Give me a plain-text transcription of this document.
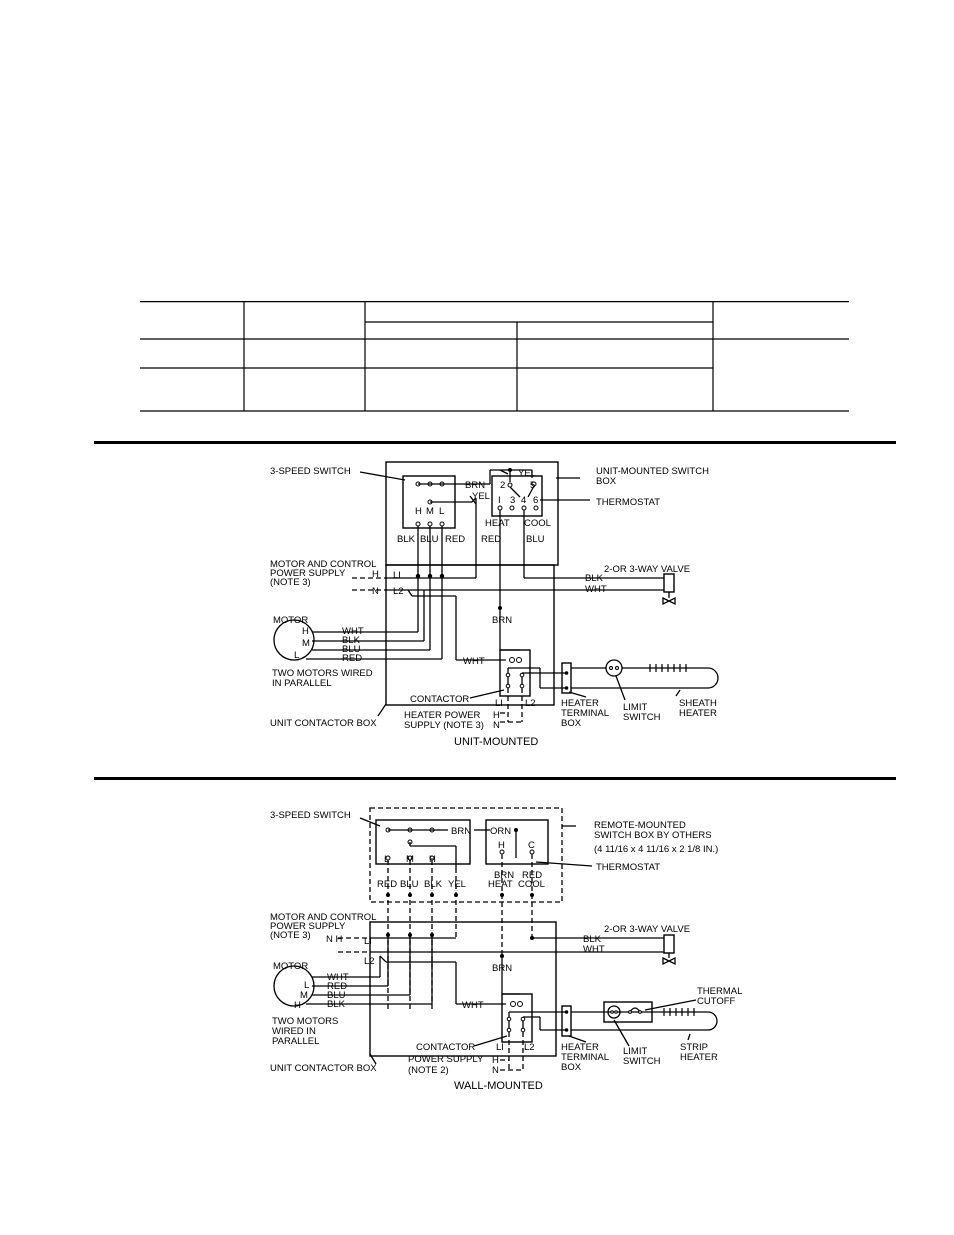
3-SPEED SWITCH	UNIT-MOUNTED SWITCH
BOX
THERMOSTAT
BRN
YEL
YEL
2	5
I 3 4 6
H M L
HEAT COOL
BLK BLU RED RED	BLU
MOTOR AND CONTROL
POWER SUPPLY
(NOTE 3)
H
N
LI
L2
2-OR 3-WAY VALVE
BLK
WHT
BRN
MOTOR
H
M
L
WHT
BLK
BLU
RED
TWO MOTORS WIRED
IN PARALLEL
WHT
CONTACTOR	LI L2
HEATER POWER
SUPPLY (NOTE 3)
H
N
UNIT CONTACTOR BOX
HEATER
TERMINAL
BOX
LIMIT
SWITCH
SHEATH
HEATER
UNIT-MOUNTED
3-SPEED SWITCH
REMOTE-MOUNTED
SWITCH BOX BY OTHERS
(4 11/16 x 4 11/16 x 2 1/8 IN.)
THERMOSTAT
BRN ORN
L M H
H C
RED BLU BLK YEL
BRN
HEAT
RED
COOL
MOTOR AND CONTROL
POWER SUPPLY
(NOTE 3) N H LI
L2
2-OR 3-WAY VALVE
BLK
WHT
BRN
MOTOR
L
M
H
WHT
RED
BLU
BLK
TWO MOTORS
WIRED IN
PARALLEL
WHT
CONTACTOR LI L2
POWER SUPPLY
(NOTE 2)
H
N
UNIT CONTACTOR BOX
HEATER
TERMINAL
BOX
THERMAL
CUTOFF
LIMIT
SWITCH
STRIP
HEATER
WALL-MOUNTED
